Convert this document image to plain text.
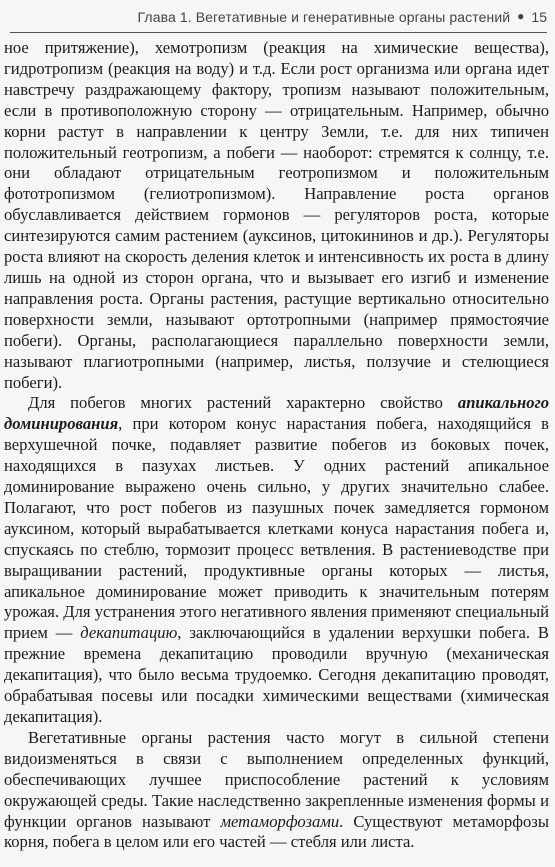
Глава 1. Вегетативные и генеративные органы растений ● 15

ное притяжение), хемотропизм (реакция на химические вещества), гидротропизм (реакция на воду) и т.д. Если рост организма или органа идет навстречу раздражающему фактору, тропизм называют положительным, если в противоположную сторону — отрицательным. Например, обычно корни растут в направлении к центру Земли, т.е. для них типичен положительный геотропизм, а побеги — наоборот: стремятся к солнцу, т.е. они обладают отрицательным геотропизмом и положительным фототропизмом (гелиотропизмом). Направление роста органов обуславливается действием гормонов — регуляторов роста, которые синтезируются самим растением (ауксинов, цитокининов и др.). Регуляторы роста влияют на скорость деления клеток и интенсивность их роста в длину лишь на одной из сторон органа, что и вызывает его изгиб и изменение направления роста. Органы растения, растущие вертикально относительно поверхности земли, называют ортотропными (например прямостоячие побеги). Органы, располагающиеся параллельно поверхности земли, называют плагиотропными (например, листья, ползучие и стелющиеся побеги).

Для побегов многих растений характерно свойство апикального доминирования, при котором конус нарастания побега, находящийся в верхушечной почке, подавляет развитие побегов из боковых почек, находящихся в пазухах листьев. У одних растений апикальное доминирование выражено очень сильно, у других значительно слабее. Полагают, что рост побегов из пазушных почек замедляется гормоном ауксином, который вырабатывается клетками конуса нарастания побега и, спускаясь по стеблю, тормозит процесс ветвления. В растениеводстве при выращивании растений, продуктивные органы которых — листья, апикальное доминирование может приводить к значительным потерям урожая. Для устранения этого негативного явления применяют специальный прием — декапитацию, заключающийся в удалении верхушки побега. В прежние времена декапитацию проводили вручную (механическая декапитация), что было весьма трудоемко. Сегодня декапитацию проводят, обрабатывая посевы или посадки химическими веществами (химическая декапитация).

Вегетативные органы растения часто могут в сильной степени видоизменяться в связи с выполнением определенных функций, обеспечивающих лучшее приспособление растений к условиям окружающей среды. Такие наследственно закрепленные изменения формы и функции органов называют метаморфозами. Существуют метаморфозы корня, побега в целом или его частей — стебля или листа.
